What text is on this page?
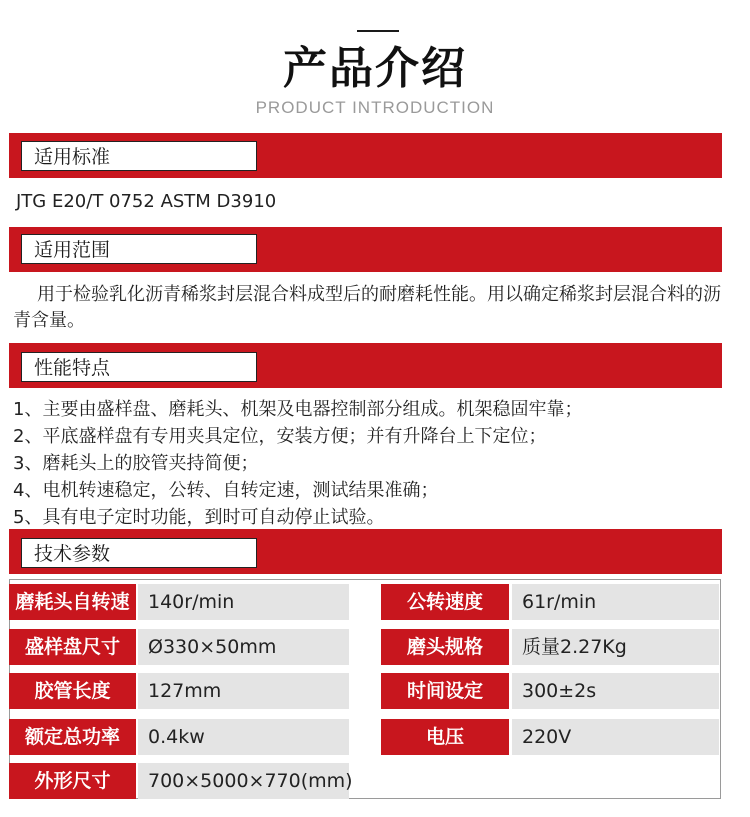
产品介绍
PRODUCT INTRODUCTION
适用标准
JTG E20/T 0752 ASTM D3910
适用范围
用于检验乳化沥青稀浆封层混合料成型后的耐磨耗性能。用以确定稀浆封层混合料的沥青含量。
性能特点
1、主要由盛样盘、磨耗头、机架及电器控制部分组成。机架稳固牢靠；
2、平底盛样盘有专用夹具定位，安装方便；并有升降台上下定位；
3、磨耗头上的胶管夹持简便；
4、电机转速稳定，公转、自转定速，测试结果准确；
5、具有电子定时功能，到时可自动停止试验。
技术参数
磨耗头自转速 140r/min	公转速度	61r/min
盛样盘尺寸	Ø330×50mm	磨头规格	质量2.27Kg
胶管长度	127mm	时间设定	300±2s
额定总功率	0.4kw	电压	220V
外形尺寸	700×5000×770(mm)
